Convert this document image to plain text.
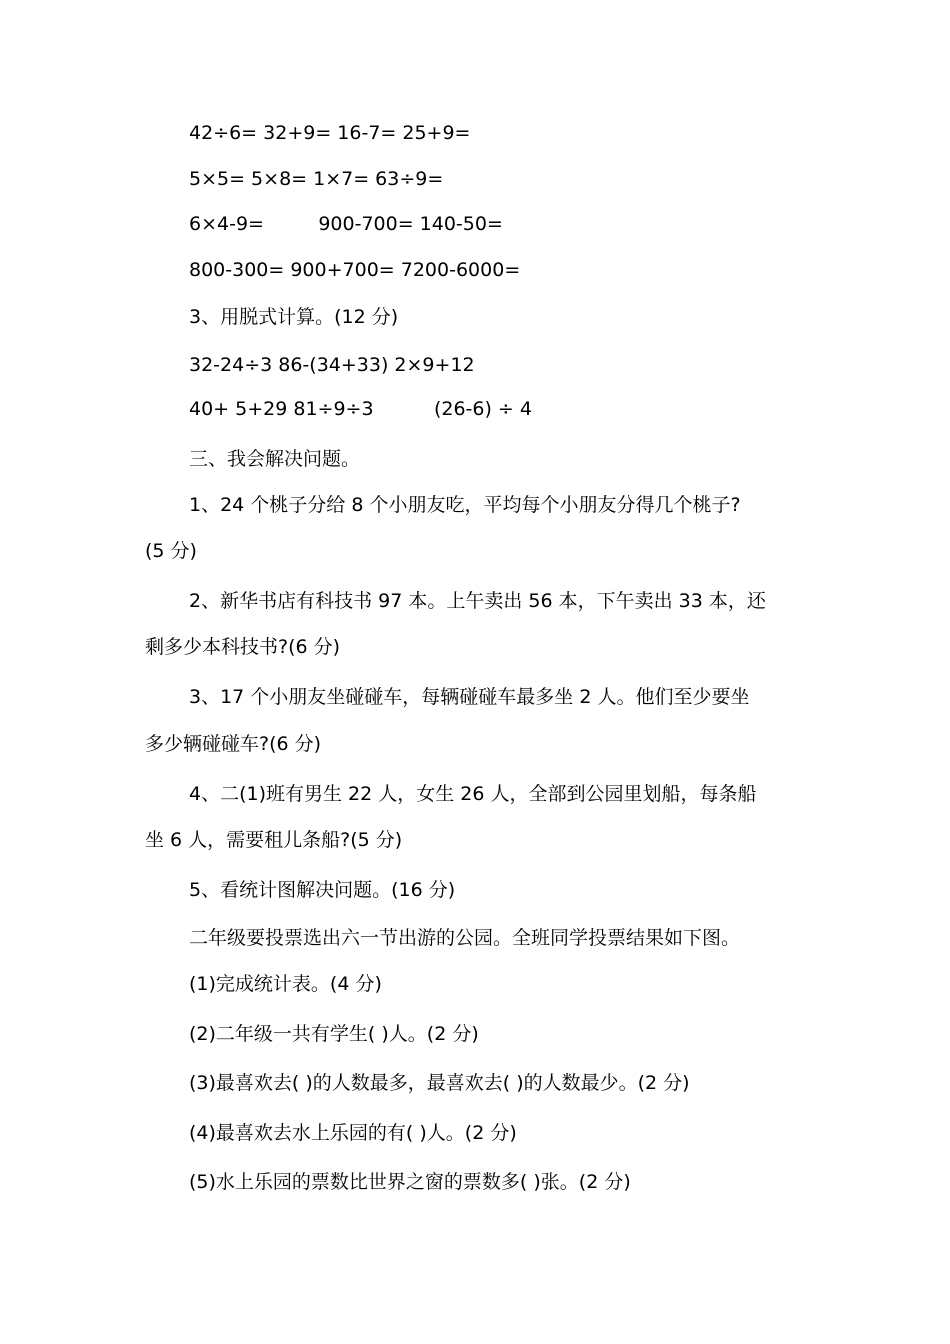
42÷6= 32+9= 16-7= 25+9=
5×5= 5×8= 1×7= 63÷9=
6×4-9=         900-700= 140-50=
800-300= 900+700= 7200-6000=
3、用脱式计算。(12 分)
32-24÷3 86-(34+33) 2×9+12
40+ 5+29 81÷9÷3          (26-6) ÷ 4
三、我会解决问题。
1、24 个桃子分给 8 个小朋友吃，平均每个小朋友分得几个桃子?
(5 分)
2、新华书店有科技书 97 本。上午卖出 56 本，下午卖出 33 本，还
剩多少本科技书?(6 分)
3、17 个小朋友坐碰碰车，每辆碰碰车最多坐 2 人。他们至少要坐
多少辆碰碰车?(6 分)
4、二(1)班有男生 22 人，女生 26 人，全部到公园里划船，每条船
坐 6 人，需要租儿条船?(5 分)
5、看统计图解决问题。(16 分)
二年级要投票选出六一节出游的公园。全班同学投票结果如下图。
(1)完成统计表。(4 分)
(2)二年级一共有学生( )人。(2 分)
(3)最喜欢去( )的人数最多，最喜欢去( )的人数最少。(2 分)
(4)最喜欢去水上乐园的有( )人。(2 分)
(5)水上乐园的票数比世界之窗的票数多( )张。(2 分)
